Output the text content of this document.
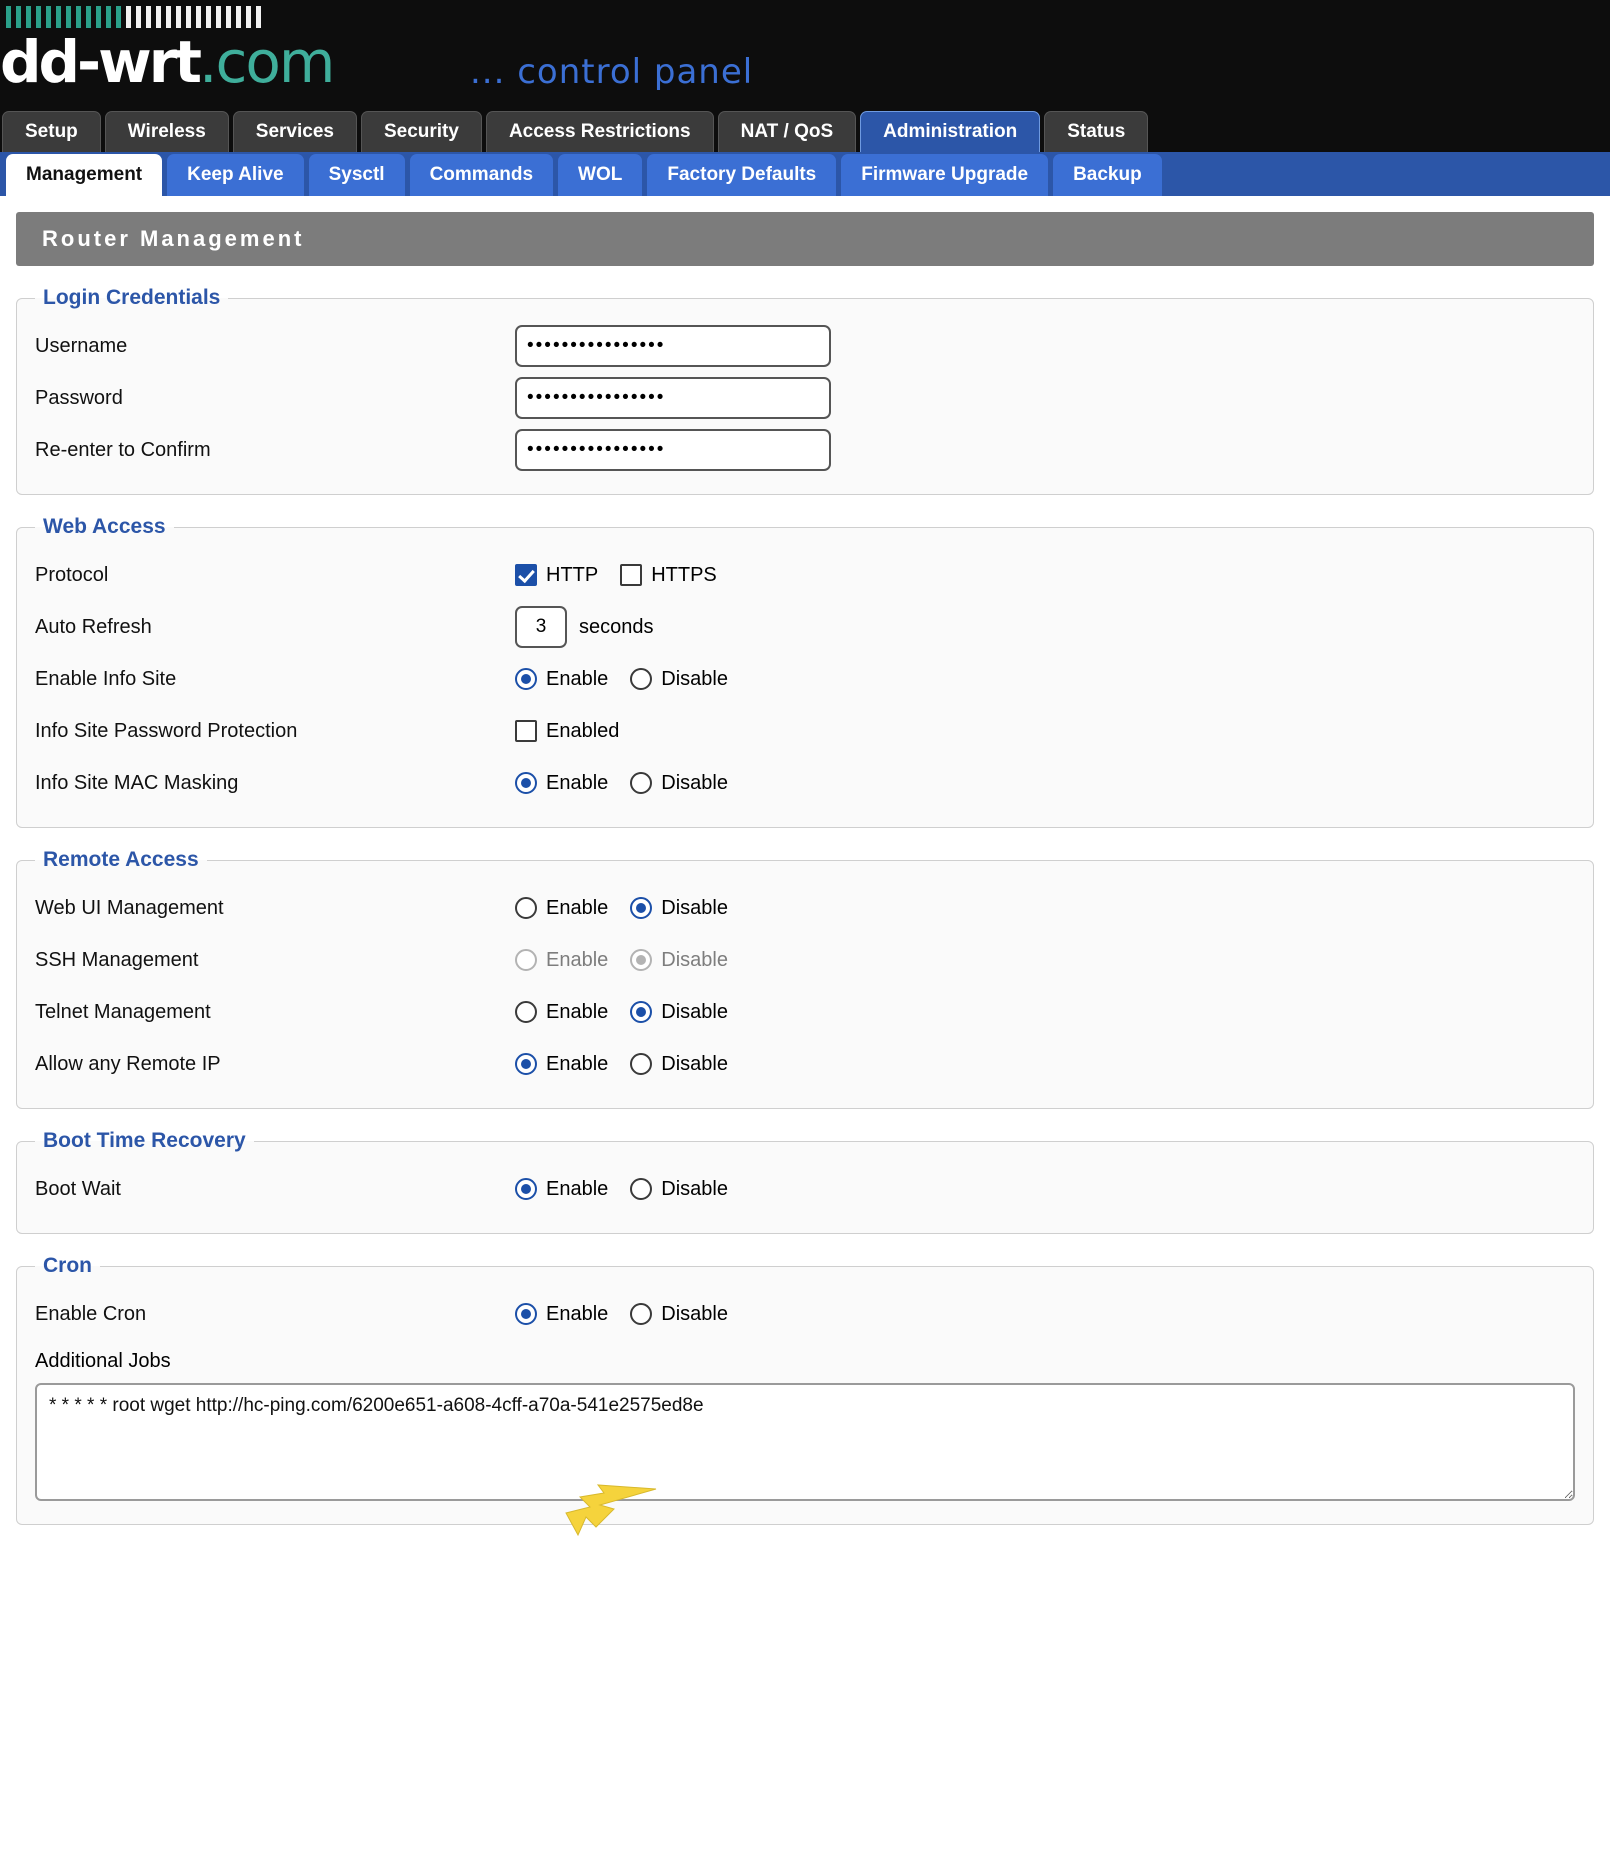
dd-wrt.com	... control panel
Setup	Wireless	Services	Security	Access Restrictions	NAT / QoS	Administration	Status
Management	Keep Alive	Sysctl	Commands	WOL	Factory Defaults	Firmware Upgrade	Backup
Router Management
Login Credentials
Username
••••••••••••••••
Password
••••••••••••••••
Re-enter to Confirm
••••••••••••••••
Web Access
Protocol	HTTP	HTTPS
Auto Refresh
3	seconds
Enable Info Site	Enable	Disable
Info Site Password Protection	Enabled
Info Site MAC Masking	Enable	Disable
Remote Access
Web UI Management	Enable	Disable
SSH Management	Enable	Disable
Telnet Management	Enable	Disable
Allow any Remote IP	Enable	Disable
Boot Time Recovery
Boot Wait	Enable	Disable
Cron
Enable Cron	Enable	Disable
Additional Jobs
* * * * * root wget http://hc-ping.com/6200e651-a608-4cff-a70a-541e2575ed8e
